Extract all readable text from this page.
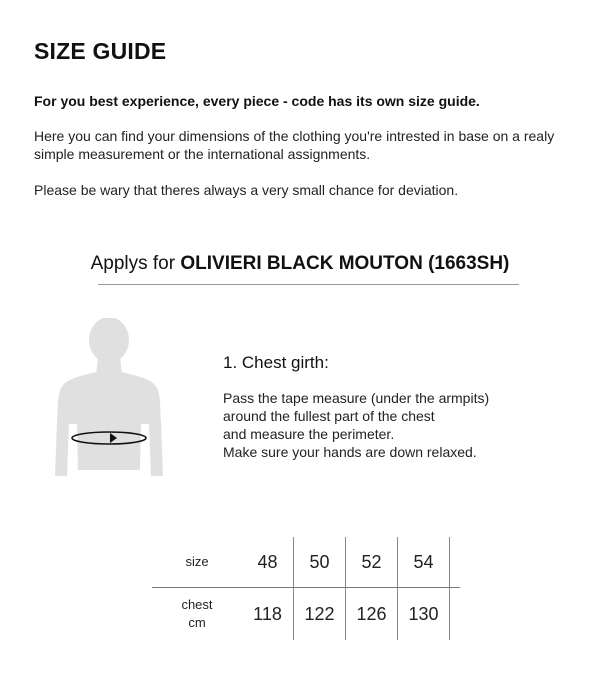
SIZE GUIDE
For you best experience, every piece - code has its own size guide.
Here you can find your dimensions of the clothing you're intrested in base on a realy simple measurement or the international assignments.
Please be wary that theres always a very small chance for deviation.
Applys for OLIVIERI BLACK MOUTON (1663SH)
1. Chest girth:
Pass the tape measure (under the armpits)
around the fullest part of the chest
and measure the perimeter.
Make sure your hands are down relaxed.
size	48	50	52	54	

chest
cm	118	122	126	130	
